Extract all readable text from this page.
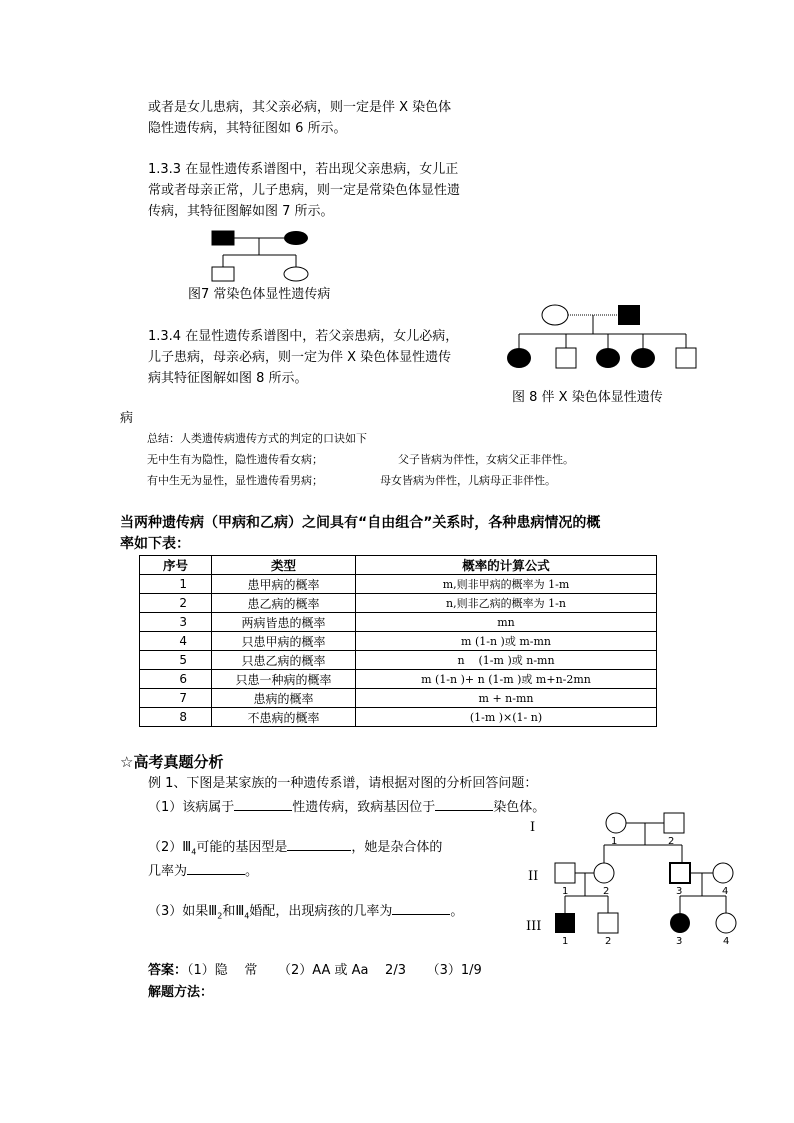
或者是女儿患病，其父亲必病，则一定是伴 X 染色体
隐性遗传病，其特征图如 6 所示。
1.3.3 在显性遗传系谱图中，若出现父亲患病，女儿正
常或者母亲正常，儿子患病，则一定是常染色体显性遗
传病，其特征图解如图 7 所示。
图7 常染色体显性遗传病
1.3.4 在显性遗传系谱图中，若父亲患病，女儿必病，
儿子患病，母亲必病，则一定为伴 X 染色体显性遗传
病其特征图解如图 8 所示。
图 8 伴 X 染色体显性遗传
病
总结：人类遗传病遗传方式的判定的口诀如下
无中生有为隐性，隐性遗传看女病；	父子皆病为伴性，女病父正非伴性。
有中生无为显性，显性遗传看男病；	母女皆病为伴性，儿病母正非伴性。
当两种遗传病（甲病和乙病）之间具有“自由组合”关系时，各种患病情况的概
率如下表：
序号	类型	概率的计算公式
1	患甲病的概率	m,则非甲病的概率为 1-m
2	患乙病的概率	n,则非乙病的概率为 1-n
3	两病皆患的概率	mn
4	只患甲病的概率	m (1-n )或 m-mn
5	只患乙病的概率	n    (1-m )或 n-mn
6	只患一种病的概率	m (1-n )+ n (1-m )或 m+n-2mn
7	患病的概率	m + n-mn
8	不患病的概率	(1-m )×(1- n)
☆高考真题分析
例 1、下图是某家族的一种遗传系谱，请根据对图的分析回答问题：
（1）该病属于	性遗传病，致病基因位于	染色体。
$(2)Ⅲ_4$可能的基因型是	，她是杂合体的
几率为	。
（3）如果$Ⅲ_2$和$Ⅲ_4$婚配，出现病孩的几率为	。
I
II
III
1	2
1	2	3	4
1	2	3	4
答案：（1）隐    常     （2）AA 或 Aa    2/3     （3）1/9
解题方法：
